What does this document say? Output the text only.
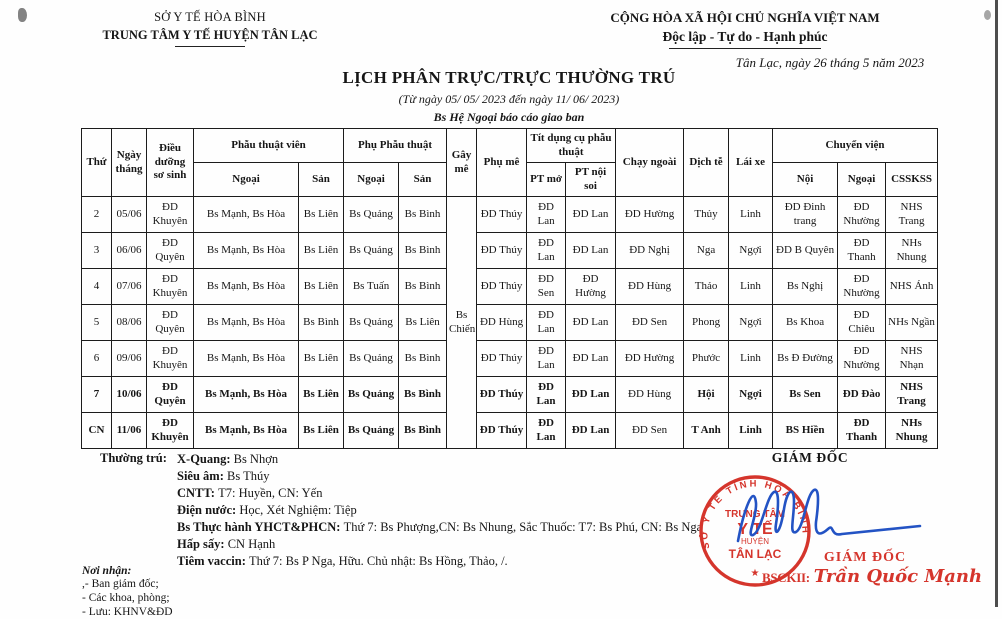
SỞ Y TẾ HÒA BÌNH
TRUNG TÂM Y TẾ HUYỆN TÂN LẠC
CỘNG HÒA XÃ HỘI CHỦ NGHĨA VIỆT NAM
Độc lập - Tự do - Hạnh phúc
Tân Lạc, ngày 26 tháng 5 năm 2023
LỊCH PHÂN TRỰC/TRỰC THƯỜNG TRÚ
(Từ ngày 05/ 05/ 2023 đến ngày 11/ 06/ 2023)
Bs Hệ Ngoại báo cáo giao ban
Thứ	Ngày tháng	Điều dưỡng sơ sinh	Phẫu thuật viên		Phụ Phẫu thuật		Gây mê	Phụ mê	Tít dụng cụ phẫu thuật		Chạy ngoài	Dịch tễ	Lái xe	Chuyển viện		
			Ngoại	Sản	Ngoại	Sản			PT mở	PT nội soi				Nội	Ngoại	CSSKSS
2	05/06	ĐD Khuyên	Bs Mạnh, Bs Hòa	Bs Liên	Bs Quảng	Bs Bình	Bs Chiến	ĐD Thúy	ĐD Lan	ĐD Lan	ĐD Hường	Thủy	Linh	ĐD Đinh trang	ĐD Nhường	NHS Trang
3	06/06	ĐD Quyên	Bs Mạnh, Bs Hòa	Bs Liên	Bs Quảng	Bs Bình		ĐD Thúy	ĐD Lan	ĐD Lan	ĐD Nghị	Nga	Ngợi	ĐD B Quyên	ĐD Thanh	NHs Nhung
4	07/06	ĐD Khuyên	Bs Mạnh, Bs Hòa	Bs Liên	Bs Tuấn	Bs Bình		ĐD Thúy	ĐD Sen	ĐD Hường	ĐD Hùng	Thảo	Linh	Bs Nghị	ĐD Nhường	NHS Ánh
5	08/06	ĐD Quyên	Bs Mạnh, Bs Hòa	Bs Bình	Bs Quảng	Bs Liên		ĐD Hùng	ĐD Lan	ĐD Lan	ĐD Sen	Phong	Ngợi	Bs Khoa	ĐD Chiêu	NHs Ngần
6	09/06	ĐD Khuyên	Bs Mạnh, Bs Hòa	Bs Liên	Bs Quảng	Bs Bình		ĐD Thúy	ĐD Lan	ĐD Lan	ĐD Hường	Phước	Linh	Bs Đ Đường	ĐD Nhường	NHS Nhạn
7	10/06	ĐD Quyên	Bs Mạnh, Bs Hòa	Bs Liên	Bs Quảng	Bs Bình		ĐD Thúy	ĐD Lan	ĐD Lan	ĐD Hùng	Hội	Ngợi	Bs Sen	ĐD Đào	NHS Trang
CN	11/06	ĐD Khuyên	Bs Mạnh, Bs Hòa	Bs Liên	Bs Quảng	Bs Bình		ĐD Thúy	ĐD Lan	ĐD Lan	ĐD Sen	T Anh	Linh	BS Hiền	ĐD Thanh	NHs Nhung
Thường trú: X-Quang: Bs Nhợn
Siêu âm: Bs Thúy
CNTT: T7: Huyền, CN: Yến
Điện nước: Học, Xét Nghiệm: Tiệp
Bs Thực hành YHCT&PHCN: Thứ 7: Bs Phượng,CN: Bs Nhung, Sắc Thuốc: T7: Bs Phú, CN: Bs Nga
Hấp sấy: CN Hạnh
Tiêm vaccin: Thứ 7: Bs P Nga, Hữu. Chủ nhật: Bs Hồng, Thảo, /.
Nơi nhận:
,- Ban giám đốc;
- Các khoa, phòng;
- Lưu: KHNV&ĐD
GIÁM ĐỐC
SỞ Y TẾ TỈNH HÒA BÌNH
TRUNG TÂM
Y TẾ
HUYỆN
TÂN LẠC
★
GIÁM ĐỐC
BSCKII: Trần Quốc Mạnh
